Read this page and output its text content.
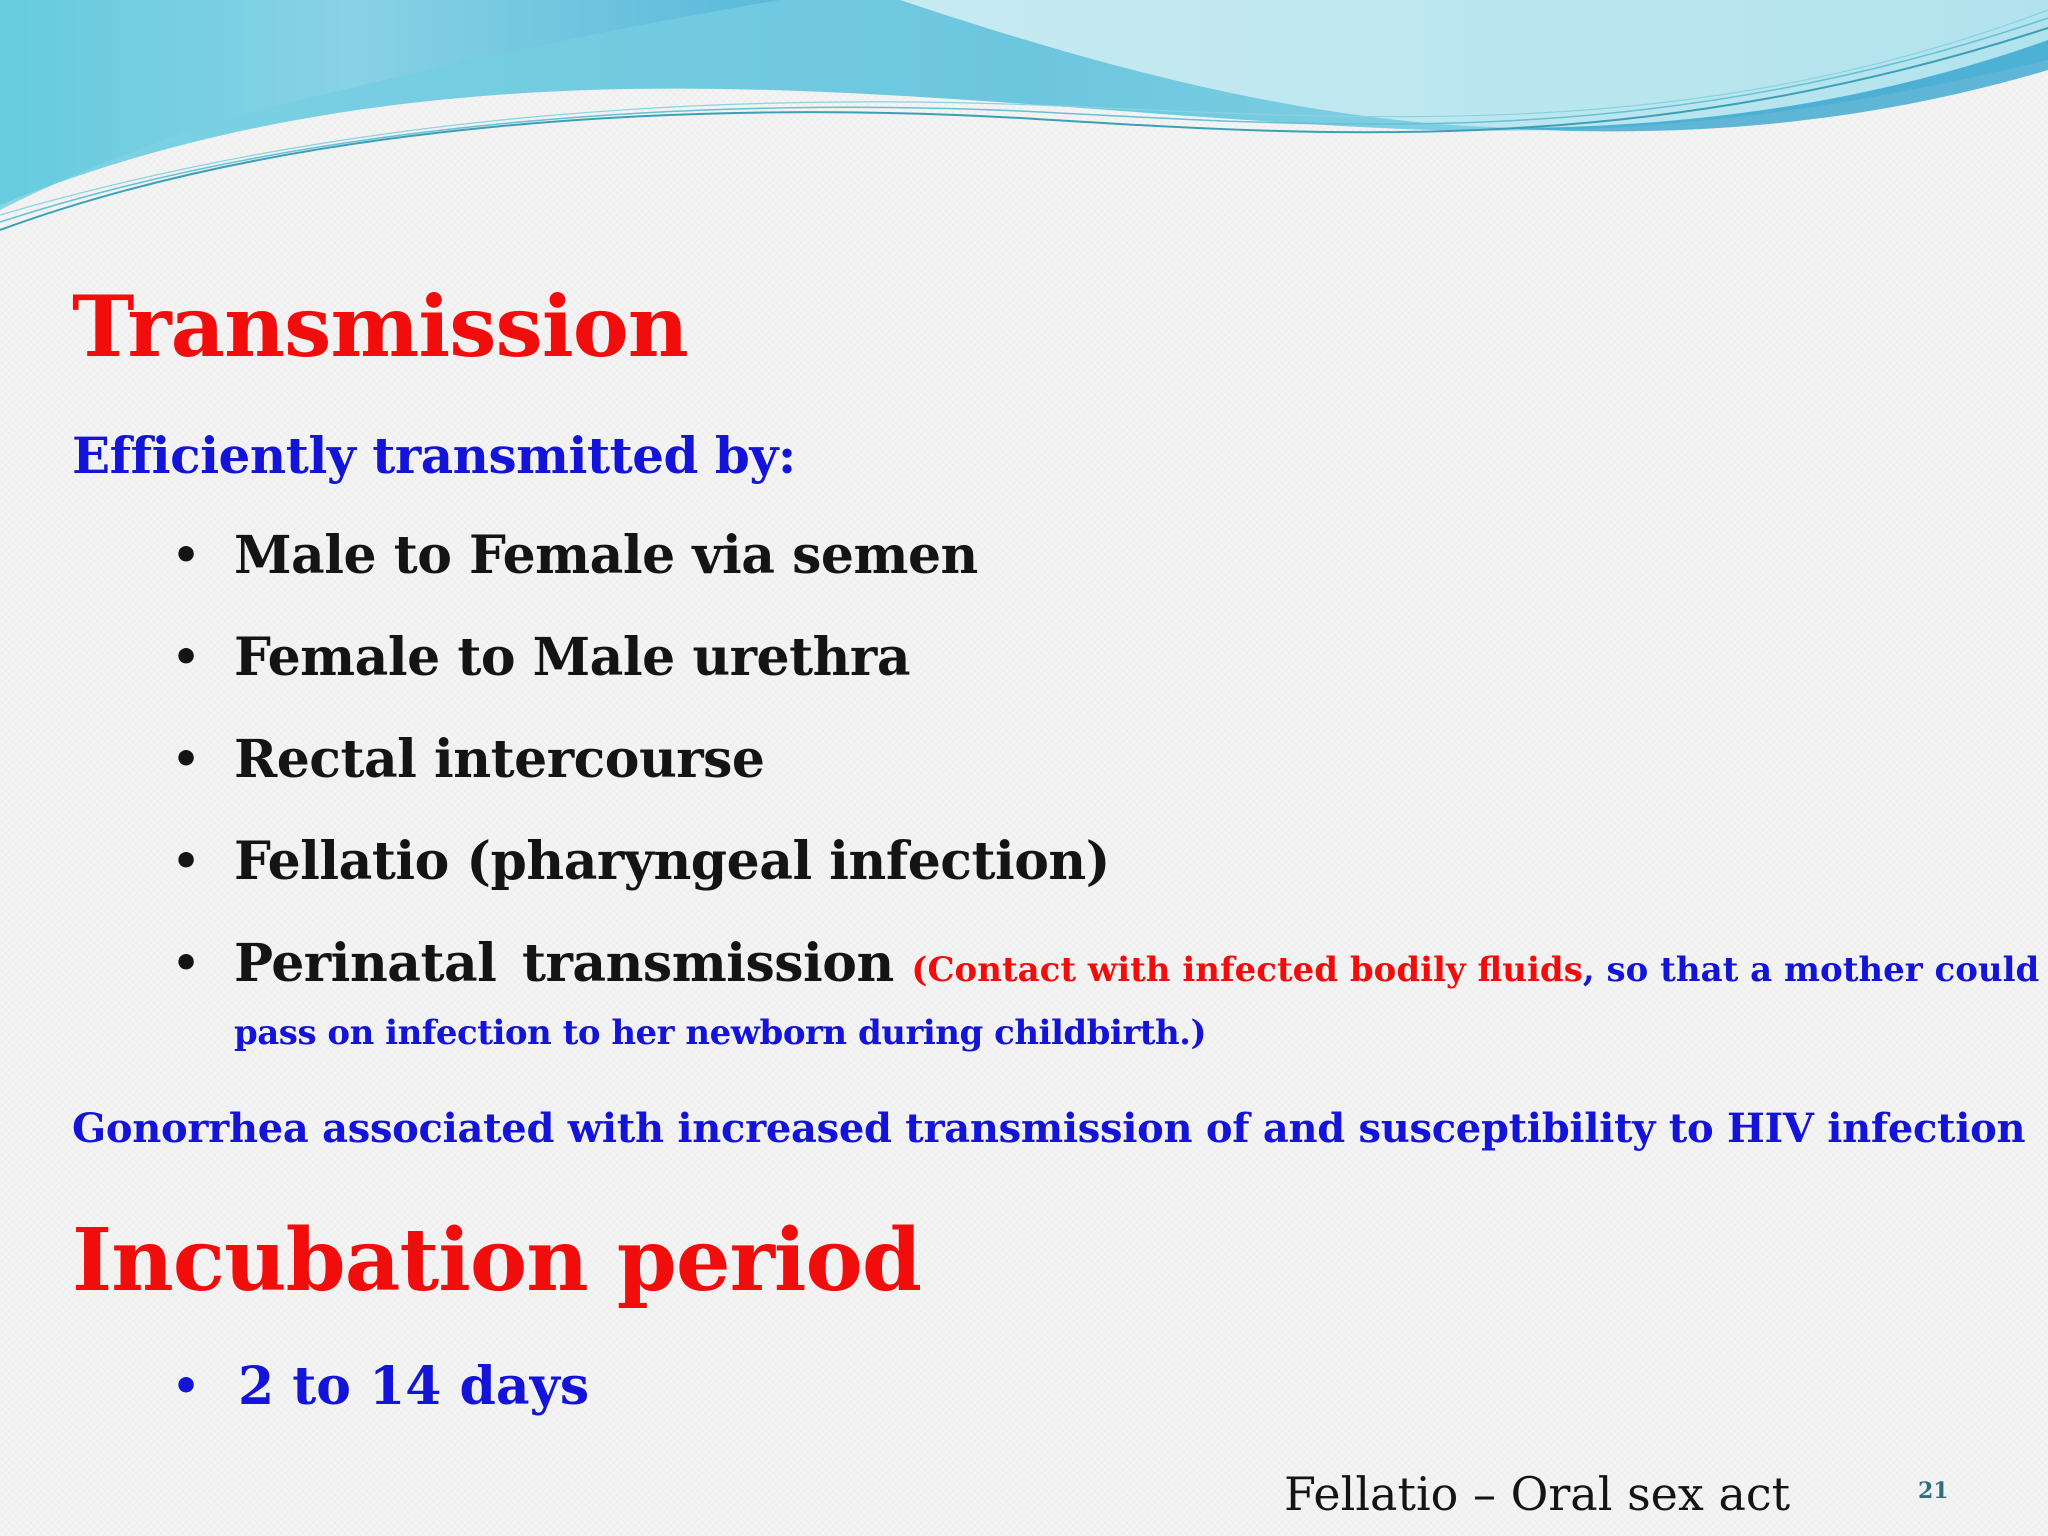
Transmission
Efficiently transmitted by:
• Male to Female via semen
• Female to Male urethra
• Rectal intercourse
• Fellatio (pharyngeal infection)
• Perinatal transmission (Contact with infected bodily fluids, so that a mother could
pass on infection to her newborn during childbirth.)

Gonorrhea associated with increased transmission of and susceptibility to HIV infection

Incubation period
• 2 to 14 days
Fellatio – Oral sex act	21
